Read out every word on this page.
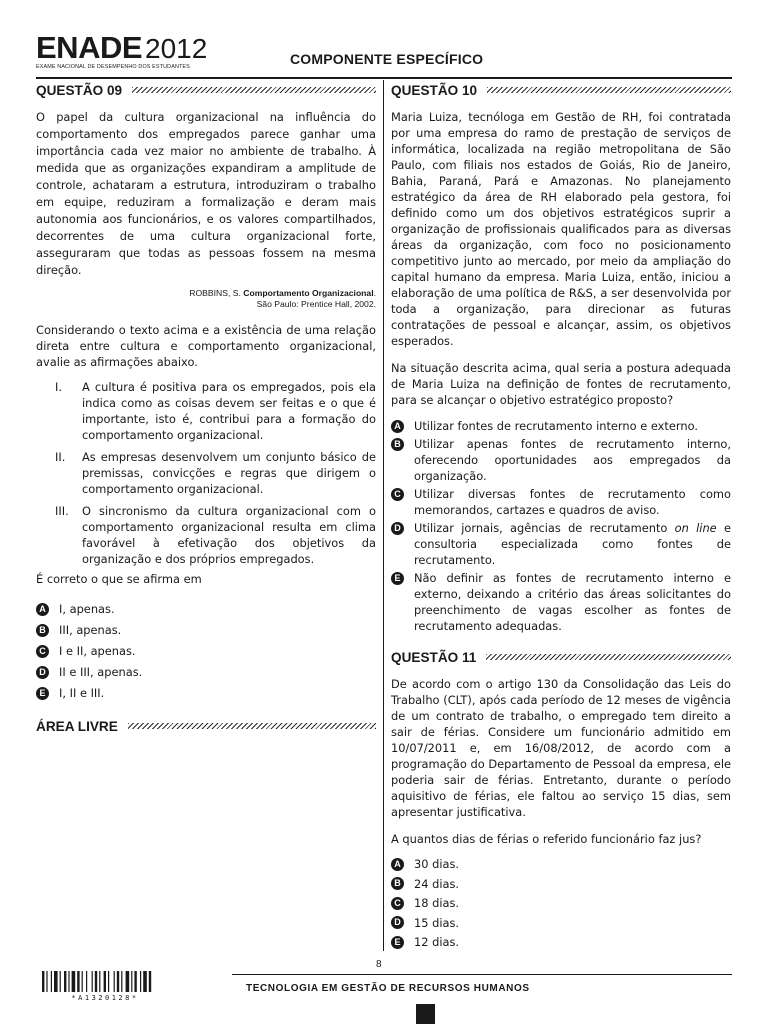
ENADE 2012
EXAME NACIONAL DE DESEMPENHO DOS ESTUDANTES	COMPONENTE ESPECÍFICO
QUESTÃO 09

O papel da cultura organizacional na influência do comportamento dos empregados parece ganhar uma importância cada vez maior no ambiente de trabalho. À medida que as organizações expandiram a amplitude de controle, achataram a estrutura, introduziram o trabalho em equipe, reduziram a formalização e deram mais autonomia aos funcionários, e os valores compartilhados, decorrentes de uma cultura organizacional forte, asseguraram que todas as pessoas fossem na mesma direção.

ROBBINS, S. Comportamento Organizacional.
São Paulo: Prentice Hall, 2002.

Considerando o texto acima e a existência de uma relação direta entre cultura e comportamento organizacional, avalie as afirmações abaixo.

I.	A cultura é positiva para os empregados, pois ela indica como as coisas devem ser feitas e o que é importante, isto é, contribui para a formação do comportamento organizacional.
II.	As empresas desenvolvem um conjunto básico de premissas, convicções e regras que dirigem o comportamento organizacional.
III.	O sincronismo da cultura organizacional com o comportamento organizacional resulta em clima favorável à efetivação dos objetivos da organização e dos próprios empregados.

É correto o que se afirma em

A I, apenas.
B III, apenas.
C I e II, apenas.
D II e III, apenas.
E	I, II e III.
ÁREA LIVRE
QUESTÃO 10

Maria Luiza, tecnóloga em Gestão de RH, foi contratada por uma empresa do ramo de prestação de serviços de informática, localizada na região metropolitana de São Paulo, com filiais nos estados de Goiás, Rio de Janeiro, Bahia, Paraná, Pará e Amazonas. No planejamento estratégico da área de RH elaborado pela gestora, foi definido como um dos objetivos estratégicos suprir a organização de profissionais qualificados para as diversas áreas da organização, com foco no posicionamento competitivo junto ao mercado, por meio da ampliação do capital humano da empresa. Maria Luiza, então, iniciou a elaboração de uma política de R&S, a ser desenvolvida por toda a organização, para direcionar as futuras contratações de pessoal e alcançar, assim, os objetivos esperados.

Na situação descrita acima, qual seria a postura adequada de Maria Luiza na definição de fontes de recrutamento, para se alcançar o objetivo estratégico proposto?

A Utilizar fontes de recrutamento interno e externo.
B Utilizar apenas fontes de recrutamento interno, oferecendo oportunidades aos empregados da organização.
C Utilizar diversas fontes de recrutamento como memorandos, cartazes e quadros de aviso.
D Utilizar jornais, agências de recrutamento on line e consultoria especializada como fontes de recrutamento.
E	Não definir as fontes de recrutamento interno e externo, deixando a critério das áreas solicitantes do preenchimento de vagas escolher as fontes de recrutamento adequadas.
QUESTÃO 11

De acordo com o artigo 130 da Consolidação das Leis do Trabalho (CLT), após cada período de 12 meses de vigência de um contrato de trabalho, o empregado tem direito a sair de férias. Considere um funcionário admitido em 10/07/2011 e, em 16/08/2012, de acordo com a programação do Departamento de Pessoal da empresa, ele poderia sair de férias. Entretanto, durante o período aquisitivo de férias, ele faltou ao serviço 15 dias, sem apresentar justificativa.

A quantos dias de férias o referido funcionário faz jus?

A 30 dias.
B 24 dias.
C 18 dias.
D 15 dias.
E	12 dias.
8
TECNOLOGIA EM GESTÃO DE RECURSOS HUMANOS
*A1320128*
